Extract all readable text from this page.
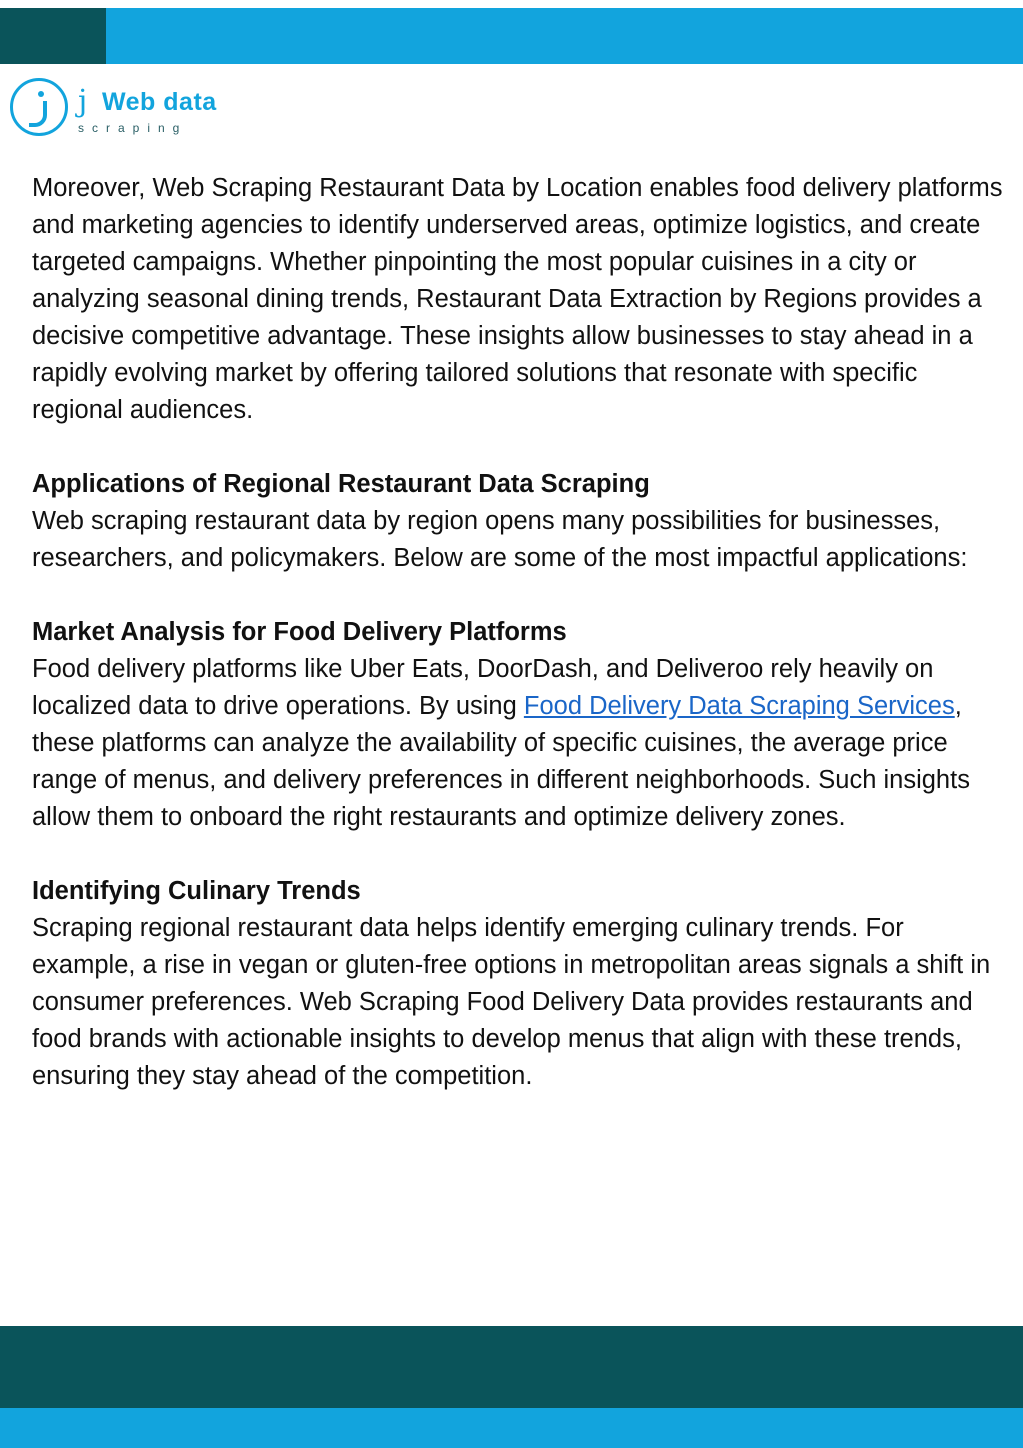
j Web data
scraping

Moreover, Web Scraping Restaurant Data by Location enables food delivery platforms and marketing agencies to identify underserved areas, optimize logistics, and create targeted campaigns. Whether pinpointing the most popular cuisines in a city or analyzing seasonal dining trends, Restaurant Data Extraction by Regions provides a decisive competitive advantage. These insights allow businesses to stay ahead in a rapidly evolving market by offering tailored solutions that resonate with specific regional audiences.

Applications of Regional Restaurant Data Scraping

Web scraping restaurant data by region opens many possibilities for businesses, researchers, and policymakers. Below are some of the most impactful applications:

Market Analysis for Food Delivery Platforms

Food delivery platforms like Uber Eats, DoorDash, and Deliveroo rely heavily on localized data to drive operations. By using Food Delivery Data Scraping Services, these platforms can analyze the availability of specific cuisines, the average price range of menus, and delivery preferences in different neighborhoods. Such insights allow them to onboard the right restaurants and optimize delivery zones.

Identifying Culinary Trends

Scraping regional restaurant data helps identify emerging culinary trends. For example, a rise in vegan or gluten-free options in metropolitan areas signals a shift in consumer preferences. Web Scraping Food Delivery Data provides restaurants and food brands with actionable insights to develop menus that align with these trends, ensuring they stay ahead of the competition.
